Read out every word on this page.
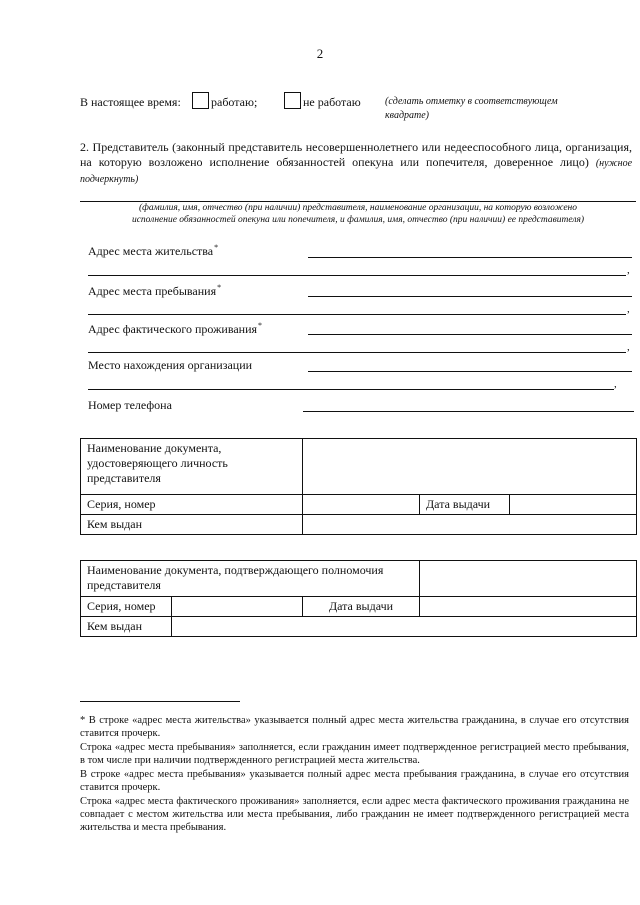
2
В настоящее время:	работаю;	не работаю (сделать отметку в соответствующем
квадрате)
2. Представитель (законный представитель несовершеннолетнего или недееспособного лица, организация, на которую возложено исполнение обязанностей опекуна или попечителя, доверенное лицо) (нужное подчеркнуть)
(фамилия, имя, отчество (при наличии) представителя, наименование организации, на которую возложено
исполнение обязанностей опекуна или попечителя, и фамилия, имя, отчество (при наличии) ее представителя)
Адрес места жительства*
,
Адрес места пребывания*
,
Адрес фактического проживания*
,
Место нахождения организации
,
Номер телефона
Наименование документа, удостоверяющего личность представителя			
Серия, номер		Дата выдачи	
Кем выдан			
Наименование документа, подтверждающего полномочия представителя			
Серия, номер		Дата выдачи	
Кем выдан			
* В строке «адрес места жительства» указывается полный адрес места жительства гражданина, в случае его отсутствия ставится прочерк.
Строка «адрес места пребывания» заполняется, если гражданин имеет подтвержденное регистрацией место пребывания, в том числе при наличии подтвержденного регистрацией места жительства.
В строке «адрес места пребывания» указывается полный адрес места пребывания гражданина, в случае его отсутствия ставится прочерк.
Строка «адрес места фактического проживания» заполняется, если адрес места фактического проживания гражданина не совпадает с местом жительства или места пребывания, либо гражданин не имеет подтвержденного регистрацией места жительства и места пребывания.
